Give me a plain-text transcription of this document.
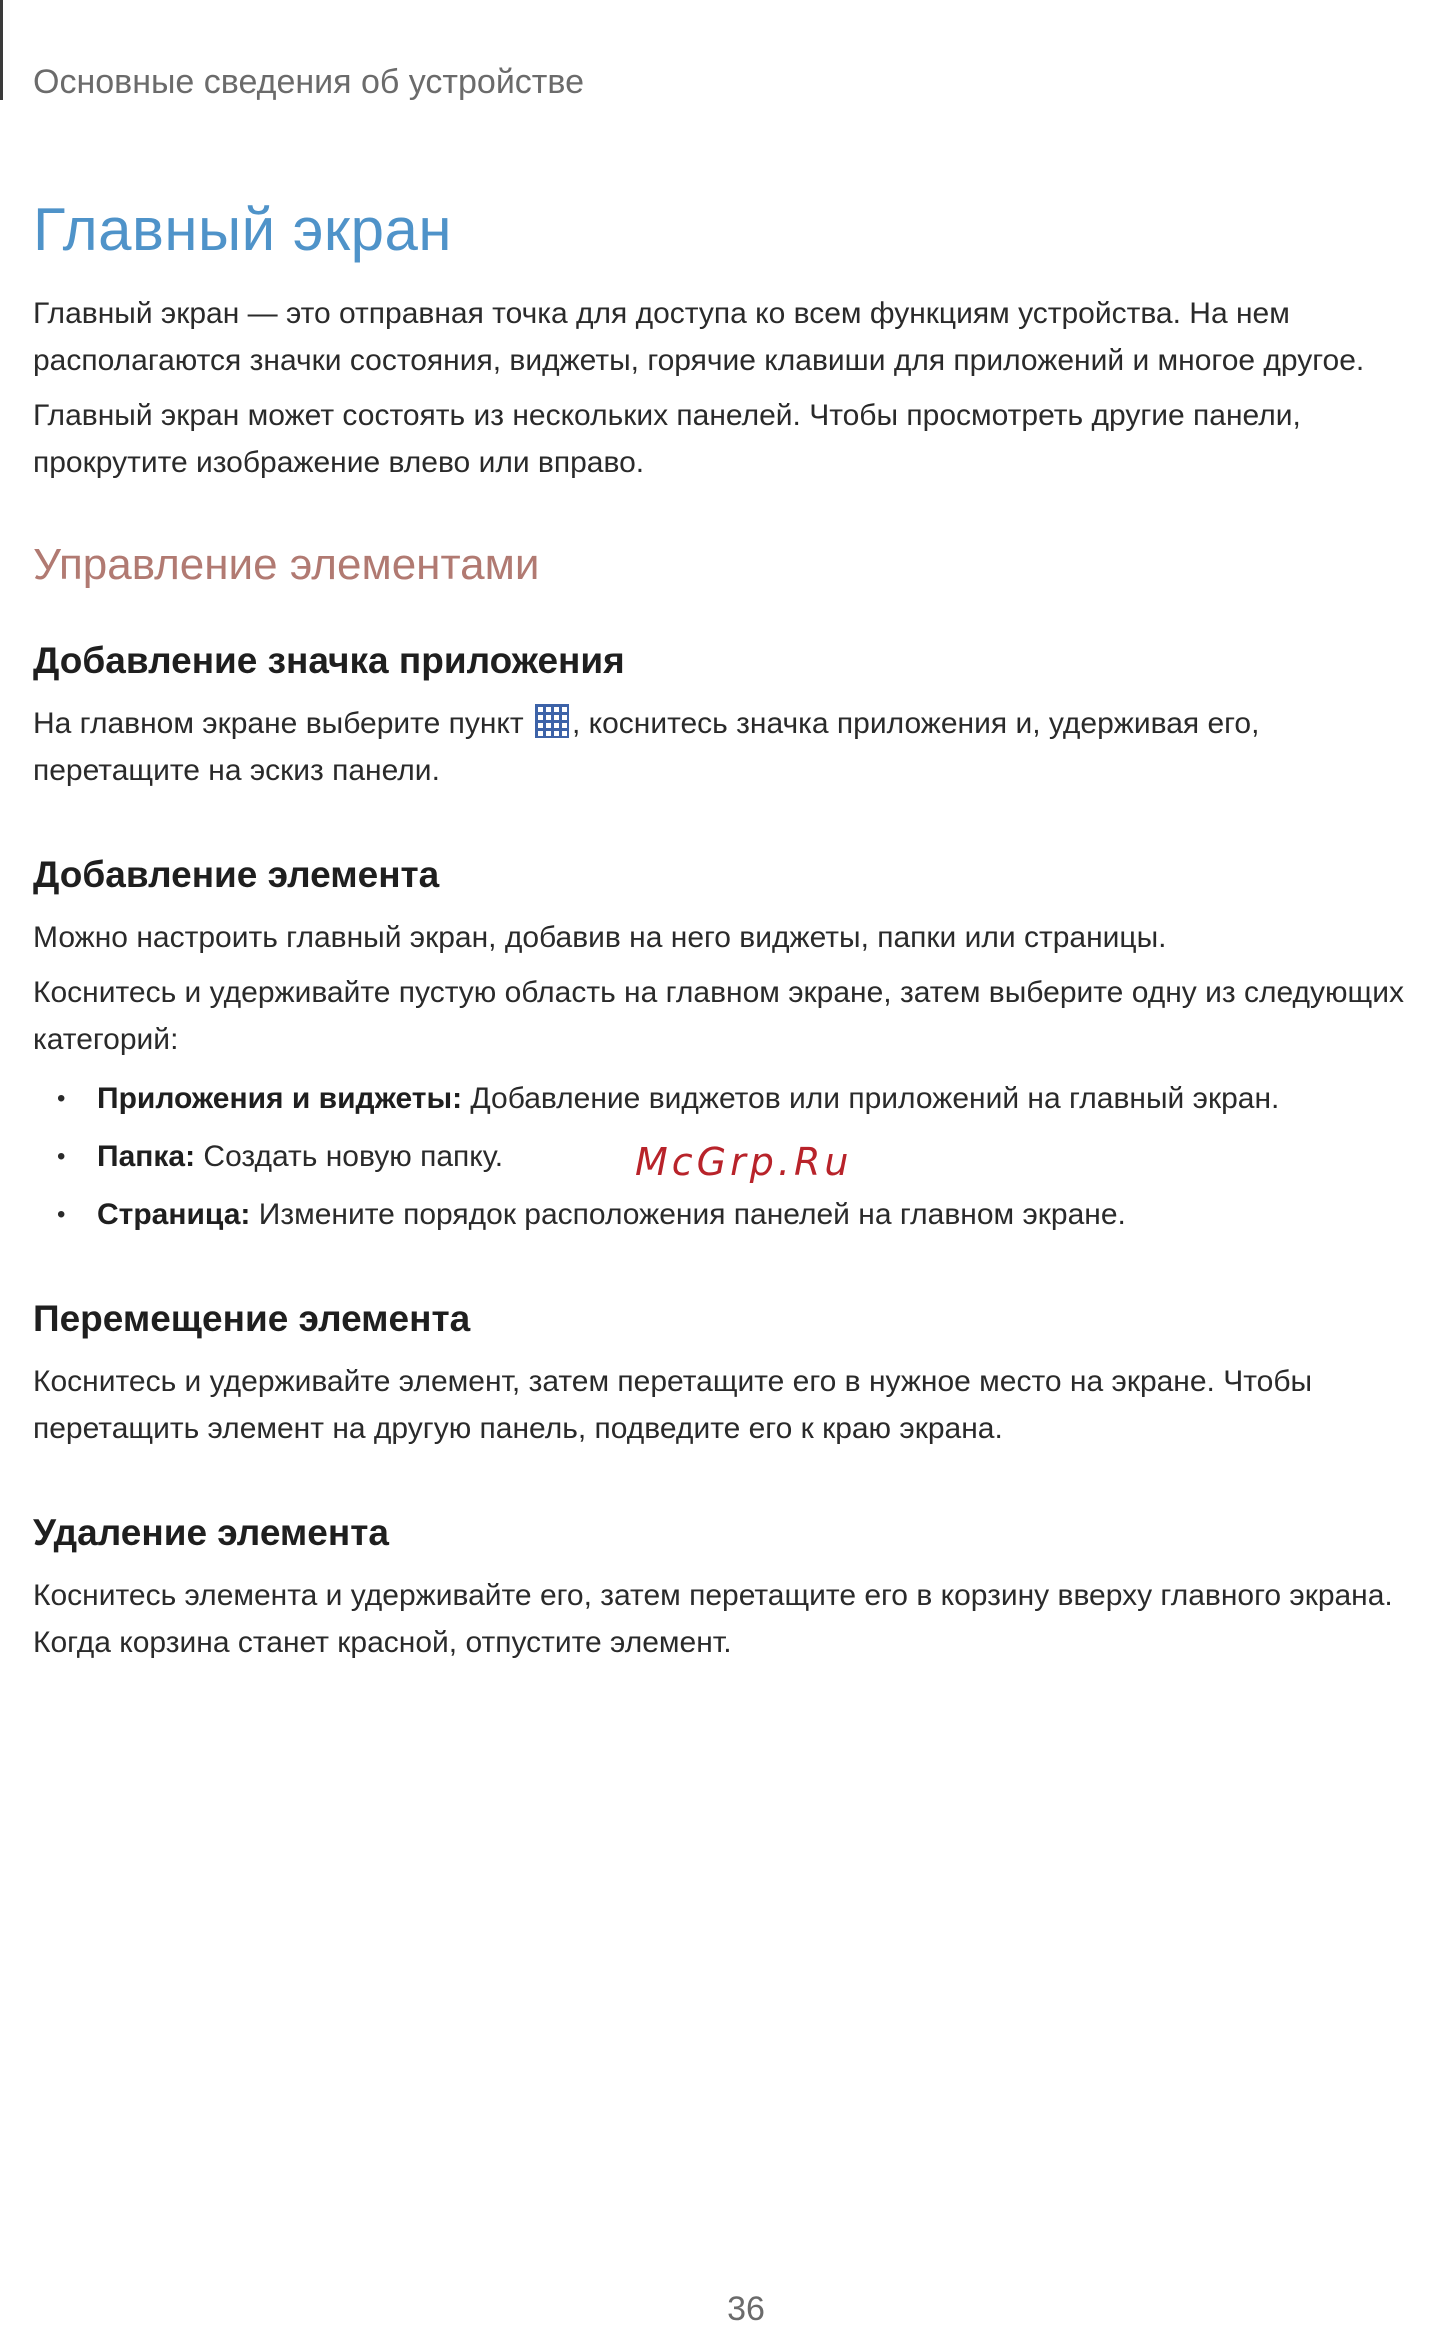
Основные сведения об устройстве
Главный экран

Главный экран — это отправная точка для доступа ко всем функциям устройства. На нем располагаются значки состояния, виджеты, горячие клавиши для приложений и многое другое.

Главный экран может состоять из нескольких панелей. Чтобы просмотреть другие панели, прокрутите изображение влево или вправо.

Управление элементами
Добавление значка приложения

На главном экране выберите пункт , коснитесь значка приложения и, удерживая его, перетащите на эскиз панели.

Добавление элемента

Можно настроить главный экран, добавив на него виджеты, папки или страницы.

Коснитесь и удерживайте пустую область на главном экране, затем выберите одну из следующих категорий:

• Приложения и виджеты: Добавление виджетов или приложений на главный экран.
• Папка: Создать новую папку.
• Страница: Измените порядок расположения панелей на главном экране.
Перемещение элемента

Коснитесь и удерживайте элемент, затем перетащите его в нужное место на экране. Чтобы перетащить элемент на другую панель, подведите его к краю экрана.

Удаление элемента

Коснитесь элемента и удерживайте его, затем перетащите его в корзину вверху главного экрана. Когда корзина станет красной, отпустите элемент.

McGrp.Ru
36
